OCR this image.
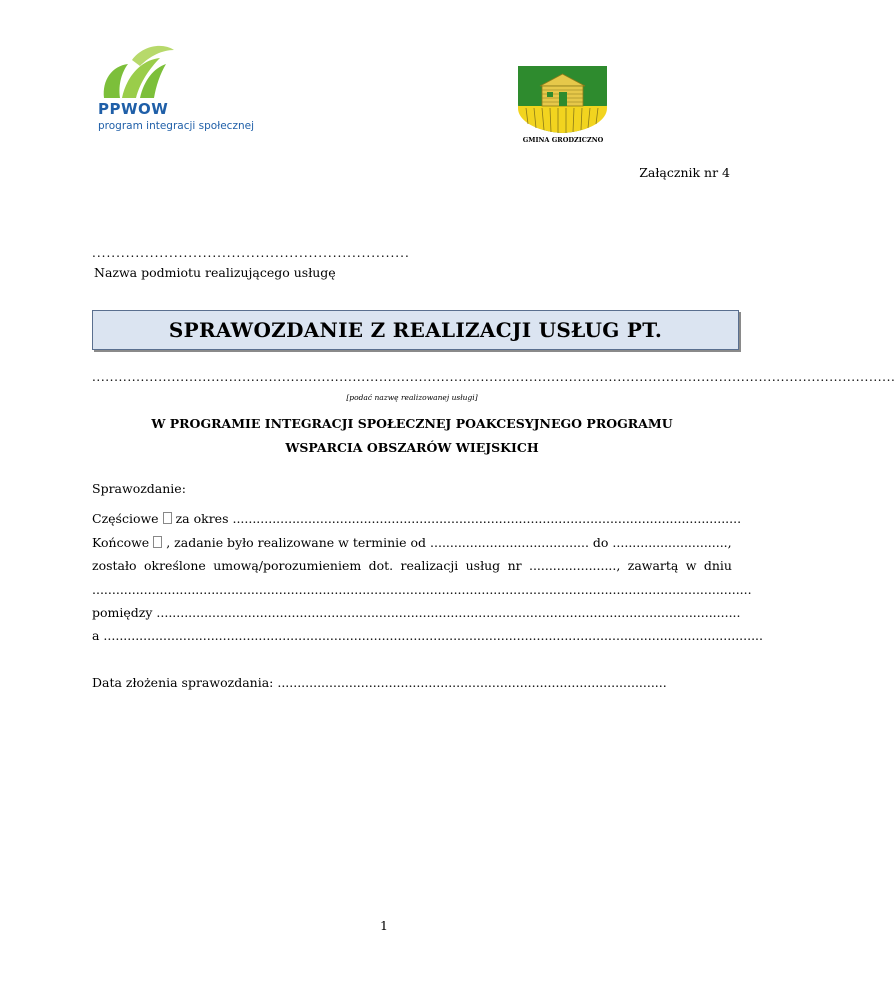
PPWOW
program integracji społecznej
GMINA GRODZICZNO
Załącznik nr 4
..................................................................
Nazwa podmiotu realizującego usługę
SPRAWOZDANIE Z REALIZACJI USŁUG PT.
......................................................................................................................................................................................
[podać nazwę realizowanej usługi]
W PROGRAMIE INTEGRACJI SPOŁECZNEJ POAKCESYJNEGO PROGRAMU
WSPARCIA OBSZARÓW WIEJSKICH
Sprawozdanie:
Częściowe za okres ................................................................................................................................
Końcowe , zadanie było realizowane w terminie od ........................................ do .............................,
zostało określone umową/porozumieniem dot. realizacji usług nr ......................, zawartą w dniu
......................................................................................................................................................................
pomiędzy ...................................................................................................................................................
a ......................................................................................................................................................................
Data złożenia sprawozdania: ..................................................................................................
1
